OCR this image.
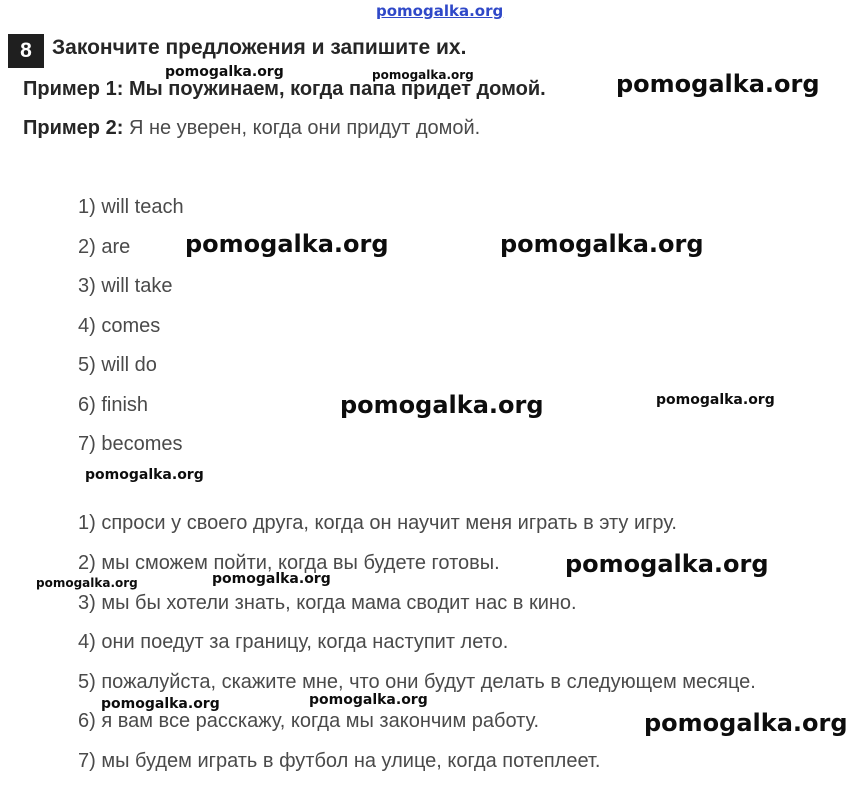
pomogalka.org
8 Закончите предложения и запишите их.
Пример 1: Мы поужинаем, когда папа придет домой.
Пример 2: Я не уверен, когда они придут домой.
1) will teach
2) are
3) will take
4) comes
5) will do
6) finish
7) becomes
1) спроси у своего друга, когда он научит меня играть в эту игру.
2) мы сможем пойти, когда вы будете готовы.
3) мы бы хотели знать, когда мама сводит нас в кино.
4) они поедут за границу, когда наступит лето.
5) пожалуйста, скажите мне, что они будут делать в следующем месяце.
6) я вам все расскажу, когда мы закончим работу.
7) мы будем играть в футбол на улице, когда потеплеет.
pomogalka.org	pomogalka.org	pomogalka.org
pomogalka.org	pomogalka.org
pomogalka.org	pomogalka.org
pomogalka.org
pomogalka.org
pomogalka.org	pomogalka.org
pomogalka.org	pomogalka.org
pomogalka.org
